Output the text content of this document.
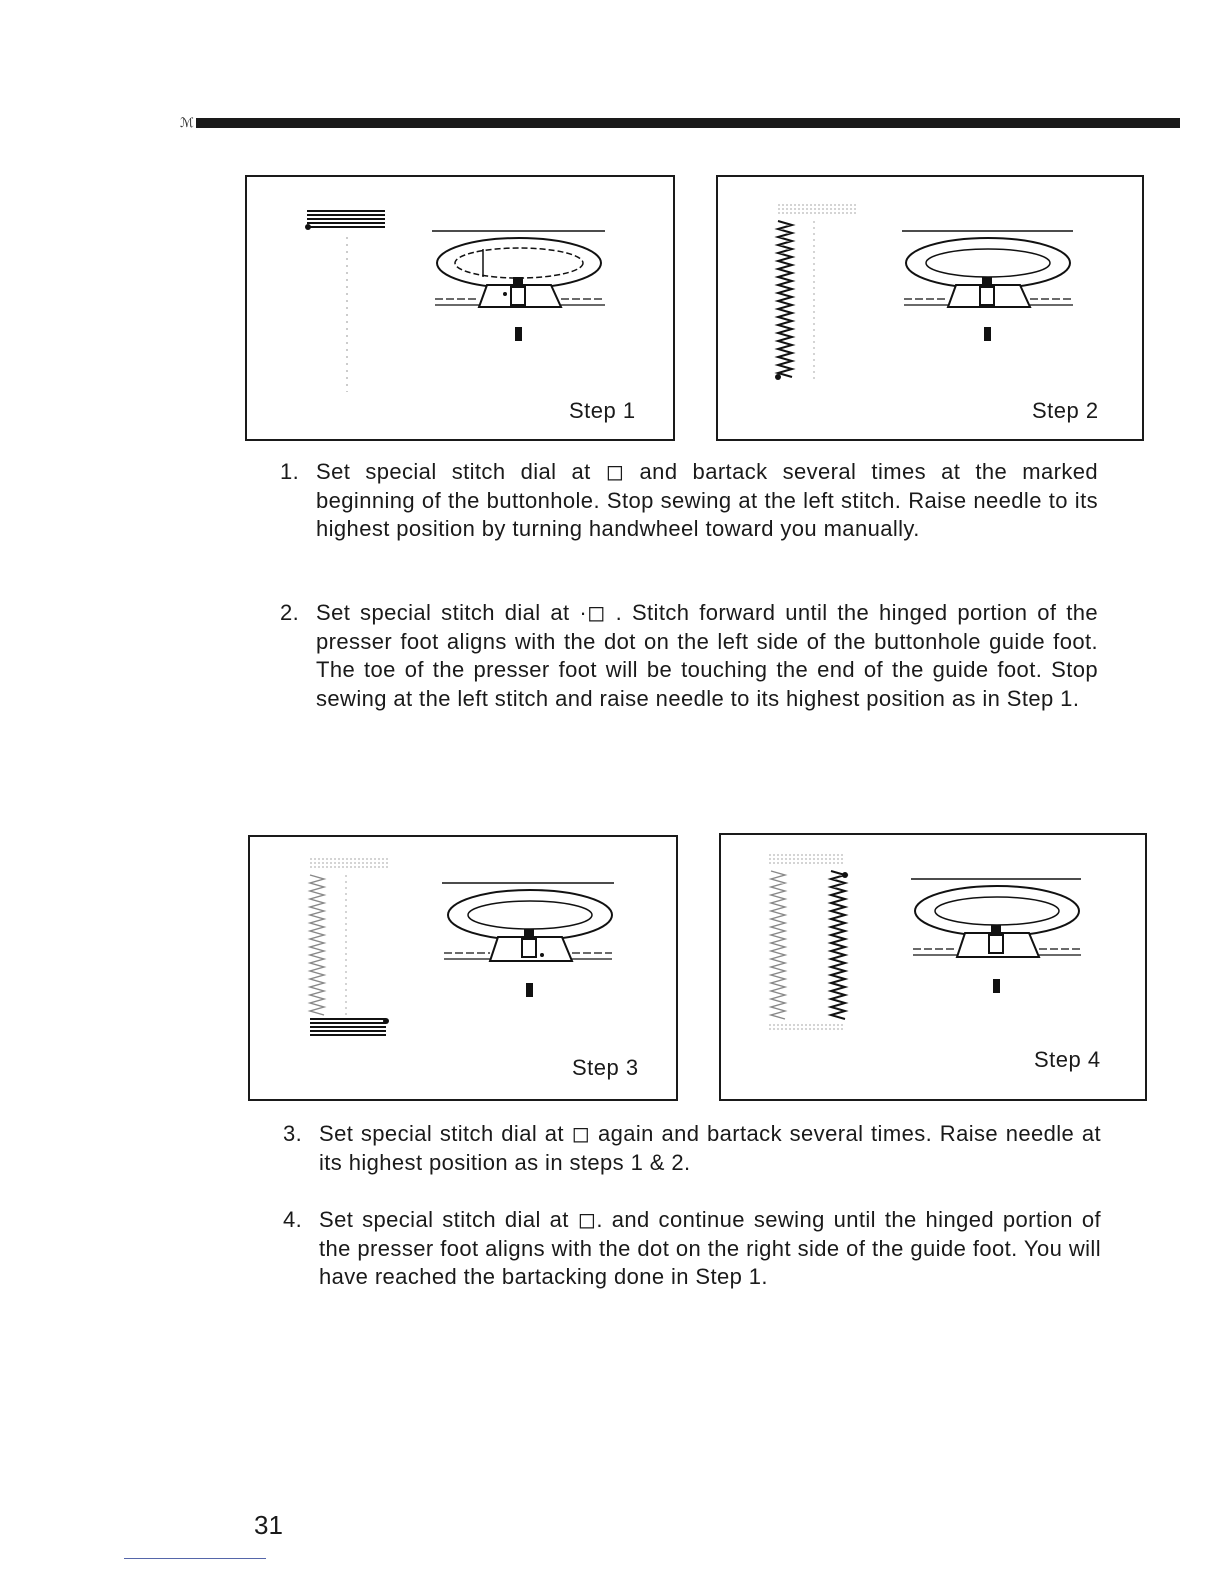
ℳ
Step 1	Step 2
1. Set special stitch dial at ◻ and bartack several times at the marked beginning of the buttonhole. Stop sewing at the left stitch. Raise needle to its highest position by turning handwheel toward you manually.
2. Set special stitch dial at ·◻ . Stitch forward until the hinged portion of the presser foot aligns with the dot on the left side of the buttonhole guide foot. The toe of the presser foot will be touching the end of the guide foot. Stop sewing at the left stitch and raise needle to its highest position as in Step 1.
Step 3	Step 4
3. Set special stitch dial at ◻ again and bartack several times. Raise needle at its highest position as in steps 1 & 2.
4. Set special stitch dial at ◻. and continue sewing until the hinged portion of the presser foot aligns with the dot on the right side of the guide foot. You will have reached the bartacking done in Step 1.
31
